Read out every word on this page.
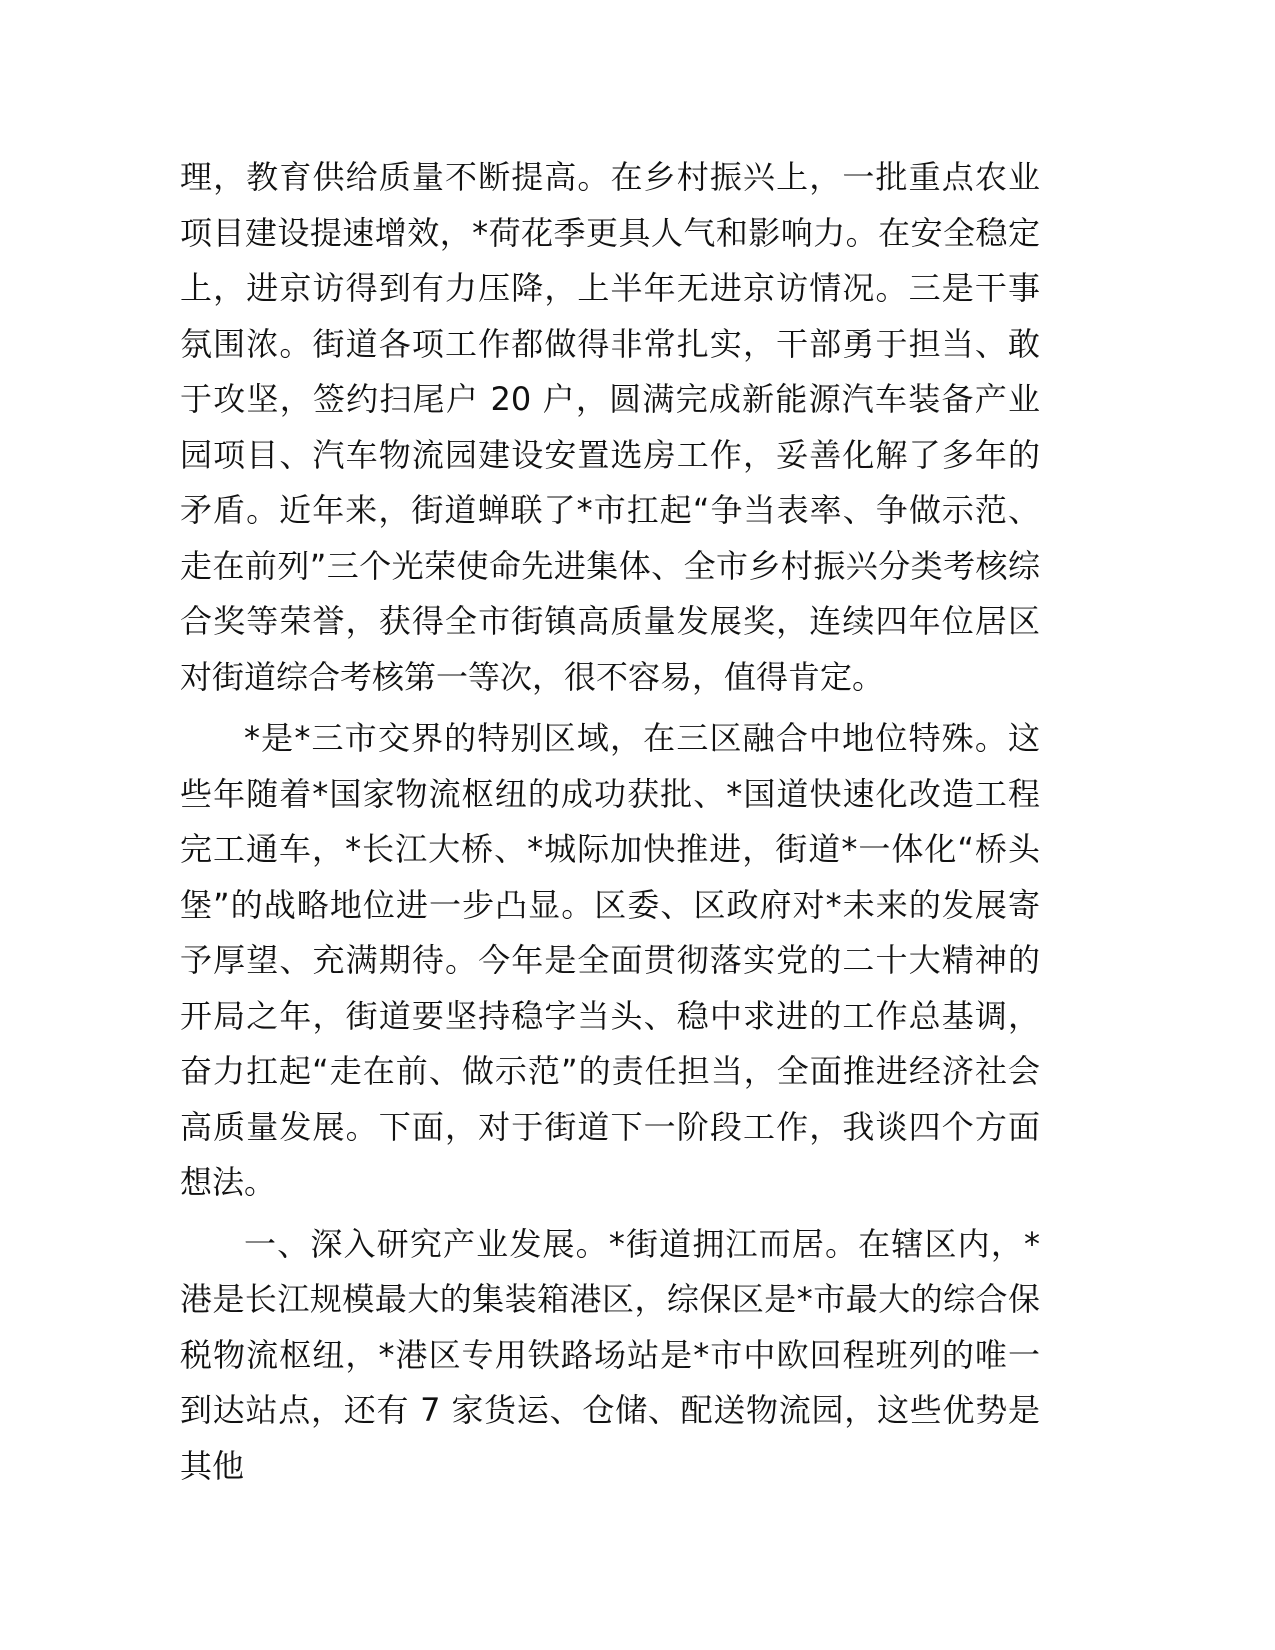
理，教育供给质量不断提高。在乡村振兴上，一批重点农业项目建设提速增效，*荷花季更具人气和影响力。在安全稳定上，进京访得到有力压降，上半年无进京访情况。三是干事氛围浓。街道各项工作都做得非常扎实，干部勇于担当、敢于攻坚，签约扫尾户 20 户，圆满完成新能源汽车装备产业园项目、汽车物流园建设安置选房工作，妥善化解了多年的矛盾。近年来，街道蝉联了*市扛起“争当表率、争做示范、走在前列”三个光荣使命先进集体、全市乡村振兴分类考核综合奖等荣誉，获得全市街镇高质量发展奖，连续四年位居区对街道综合考核第一等次，很不容易，值得肯定。

*是*三市交界的特别区域，在三区融合中地位特殊。这些年随着*国家物流枢纽的成功获批、*国道快速化改造工程完工通车，*长江大桥、*城际加快推进，街道*一体化“桥头堡”的战略地位进一步凸显。区委、区政府对*未来的发展寄予厚望、充满期待。今年是全面贯彻落实党的二十大精神的开局之年，街道要坚持稳字当头、稳中求进的工作总基调，奋力扛起“走在前、做示范”的责任担当，全面推进经济社会高质量发展。下面，对于街道下一阶段工作，我谈四个方面想法。

一、深入研究产业发展。*街道拥江而居。在辖区内，*港是长江规模最大的集装箱港区，综保区是*市最大的综合保税物流枢纽，*港区专用铁路场站是*市中欧回程班列的唯一到达站点，还有 7 家货运、仓储、配送物流园，这些优势是其他
